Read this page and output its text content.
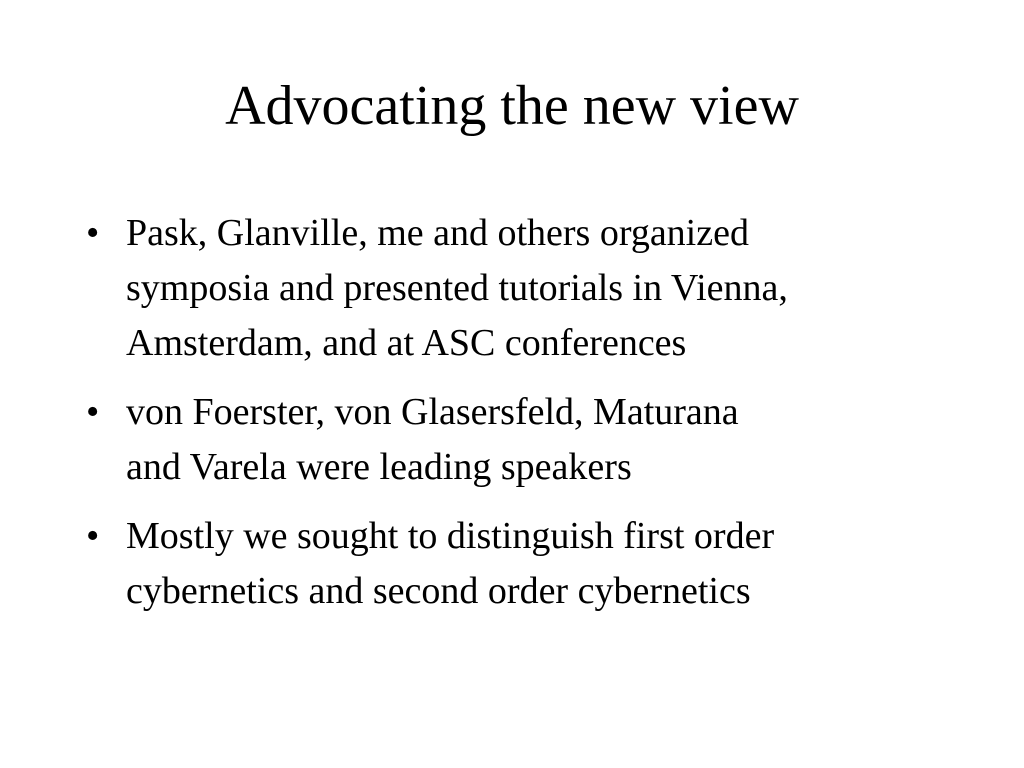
Advocating the new view
• Pask, Glanville, me and others organized
symposia and presented tutorials in Vienna,
Amsterdam, and at ASC conferences
• von Foerster, von Glasersfeld, Maturana
and Varela were leading speakers
• Mostly we sought to distinguish first order
cybernetics and second order cybernetics
